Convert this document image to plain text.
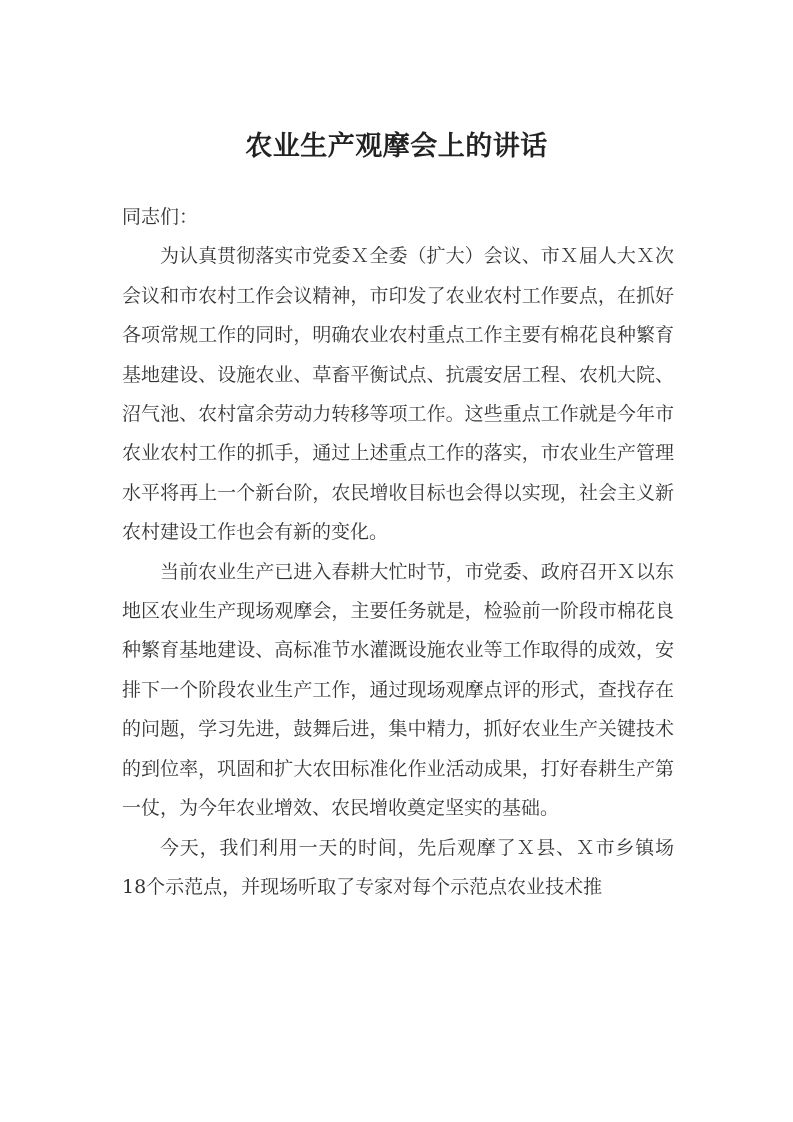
农业生产观摩会上的讲话

同志们：

为认真贯彻落实市党委Ｘ全委（扩大）会议、市Ｘ届人大Ｘ次会议和市农村工作会议精神，市印发了农业农村工作要点，在抓好各项常规工作的同时，明确农业农村重点工作主要有棉花良种繁育基地建设、设施农业、草畜平衡试点、抗震安居工程、农机大院、沼气池、农村富余劳动力转移等项工作。这些重点工作就是今年市农业农村工作的抓手，通过上述重点工作的落实，市农业生产管理水平将再上一个新台阶，农民增收目标也会得以实现，社会主义新农村建设工作也会有新的变化。

当前农业生产已进入春耕大忙时节，市党委、政府召开Ｘ以东地区农业生产现场观摩会，主要任务就是，检验前一阶段市棉花良种繁育基地建设、高标准节水灌溉设施农业等工作取得的成效，安排下一个阶段农业生产工作，通过现场观摩点评的形式，查找存在的问题，学习先进，鼓舞后进，集中精力，抓好农业生产关键技术的到位率，巩固和扩大农田标准化作业活动成果，打好春耕生产第一仗，为今年农业增效、农民增收奠定坚实的基础。

今天，我们利用一天的时间，先后观摩了Ｘ县、Ｘ市乡镇场18个示范点，并现场听取了专家对每个示范点农业技术推
